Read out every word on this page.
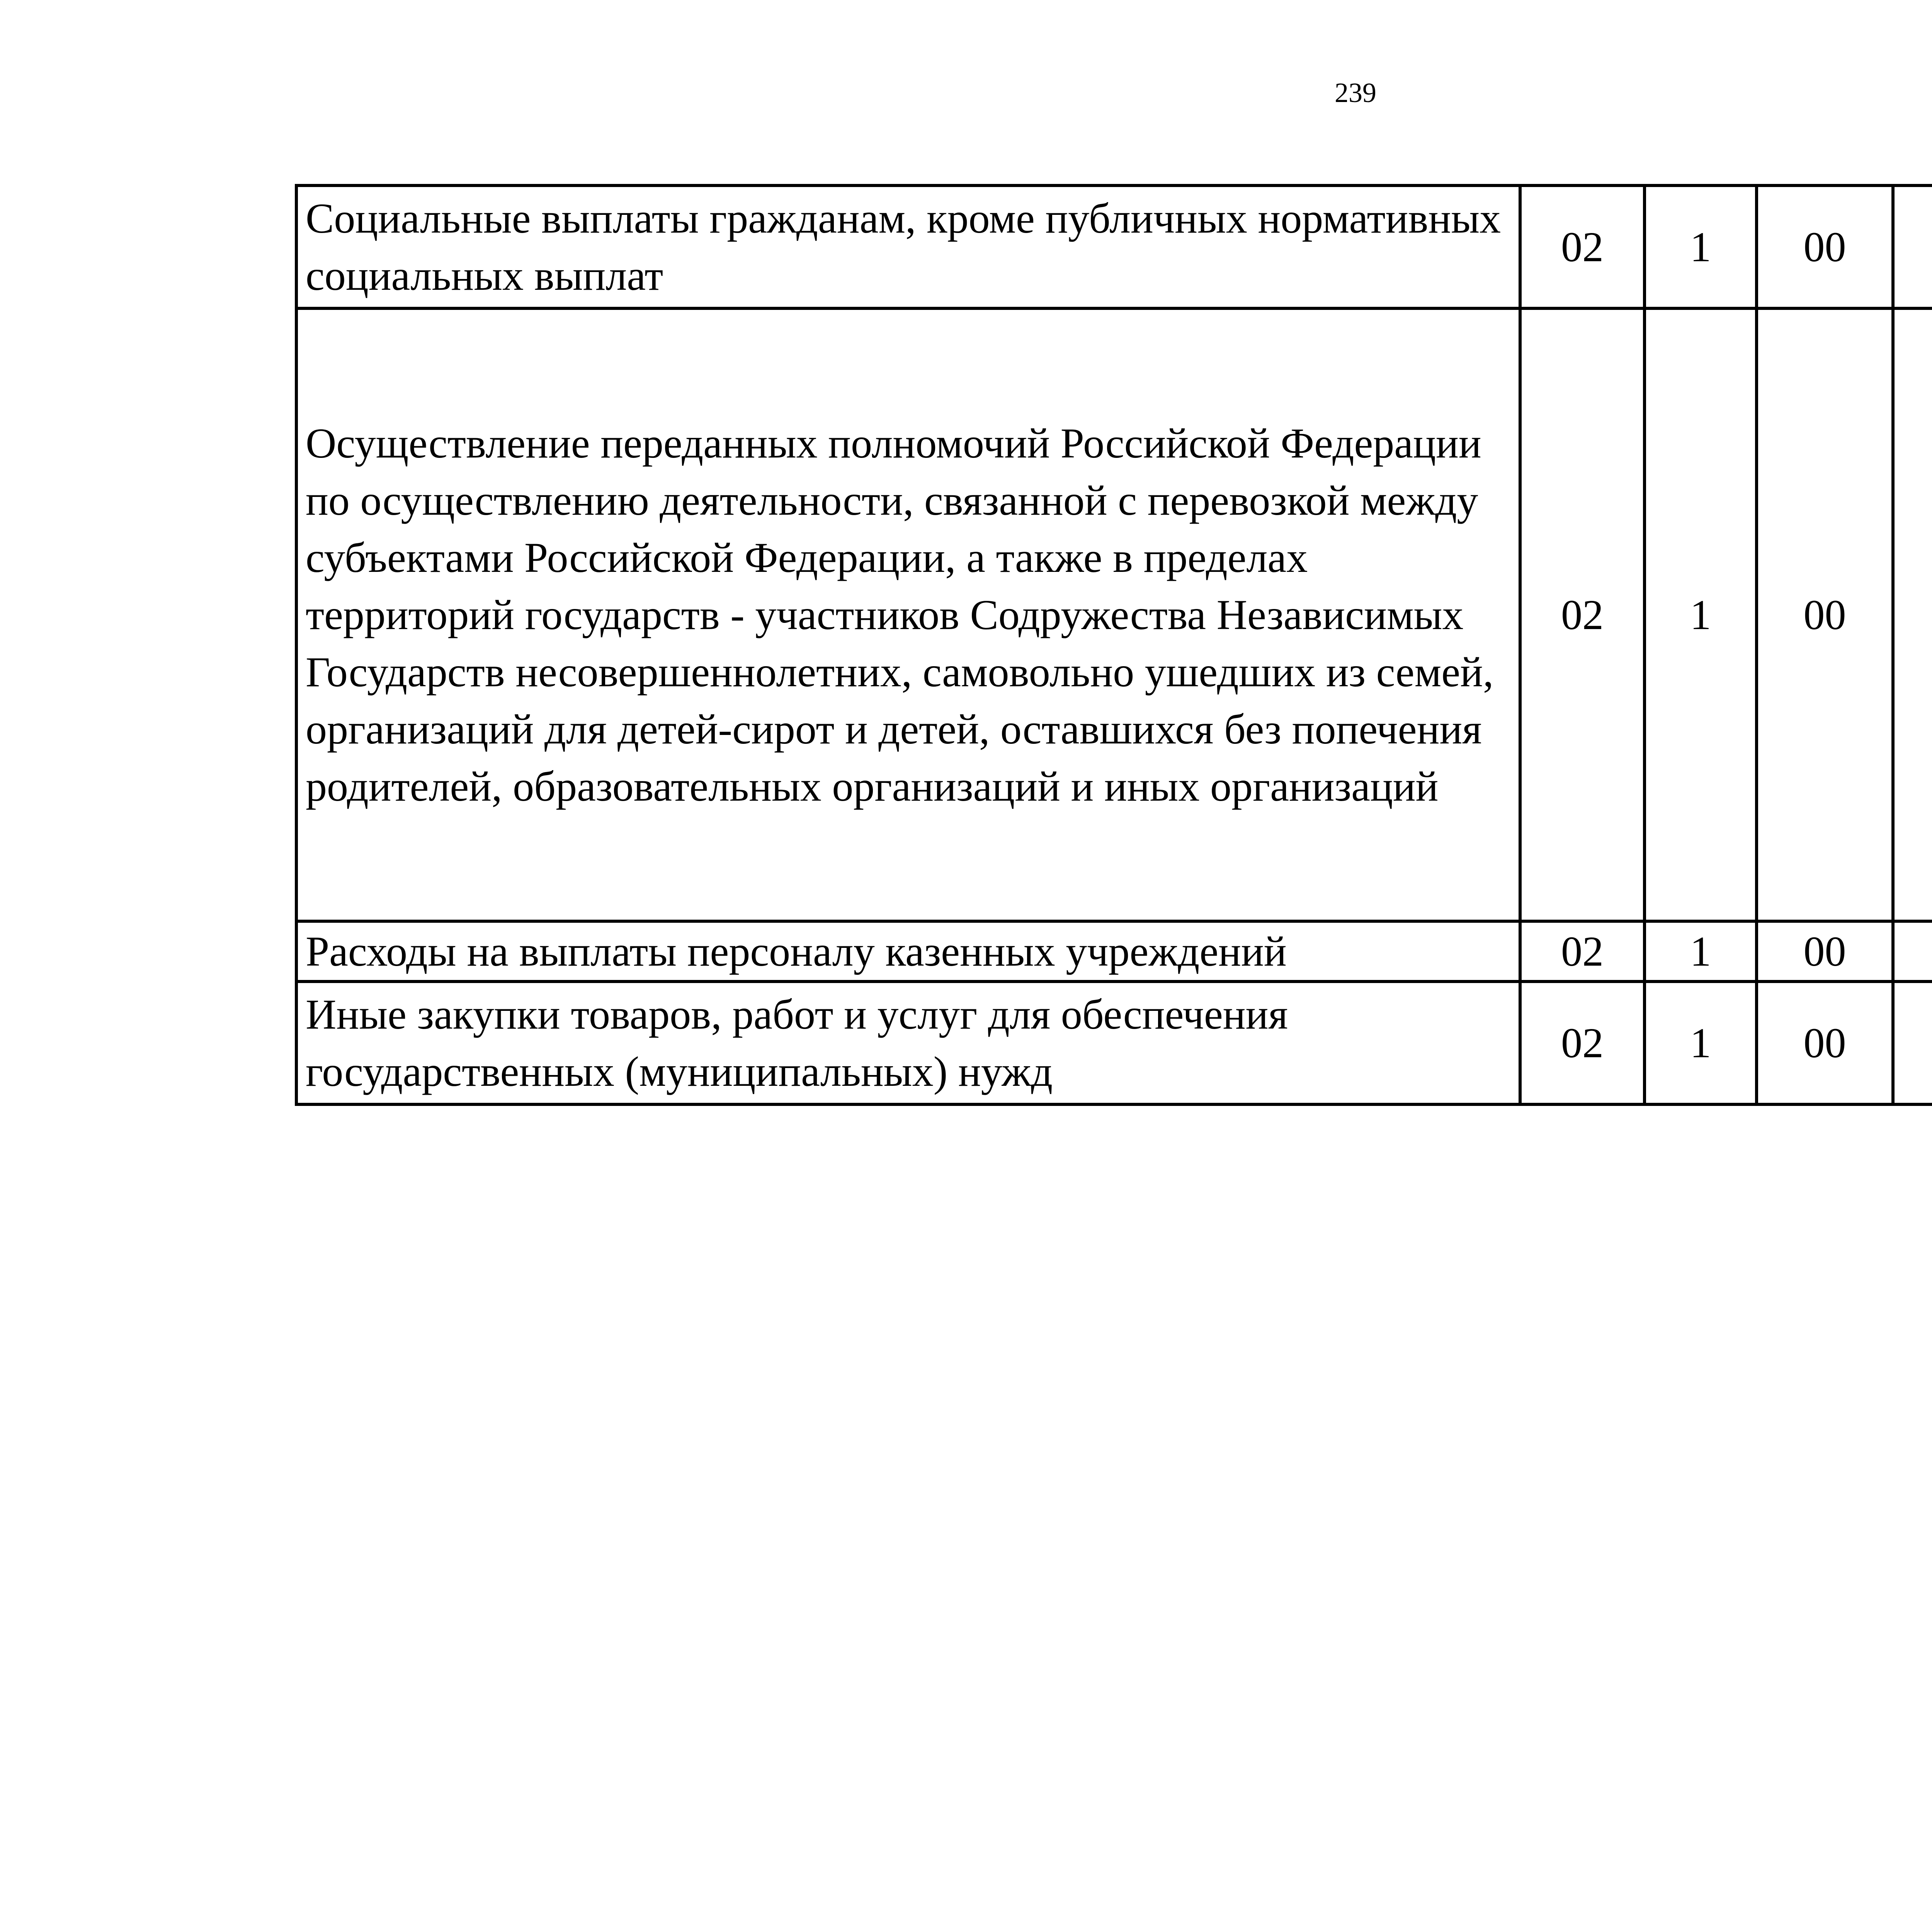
239
Социальные выплаты гражданам, кроме публичных нормативных социальных выплат	02	1	00			
Осуществление переданных полномочий Российской Федерации по осуществлению деятельности, связанной с перевозкой между субъектами Российской Федерации, а также в пределах территорий государств - участников Содружества Независимых Государств несовершеннолетних, самовольно ушедших из семей, организаций для детей-сирот и детей, оставшихся без попечения родителей, образовательных организаций и иных организаций	02	1	00			
Расходы на выплаты персоналу казенных учреждений	02	1	00			
Иные закупки товаров, работ и услуг для обеспечения государственных (муниципальных) нужд	02	1	00			
